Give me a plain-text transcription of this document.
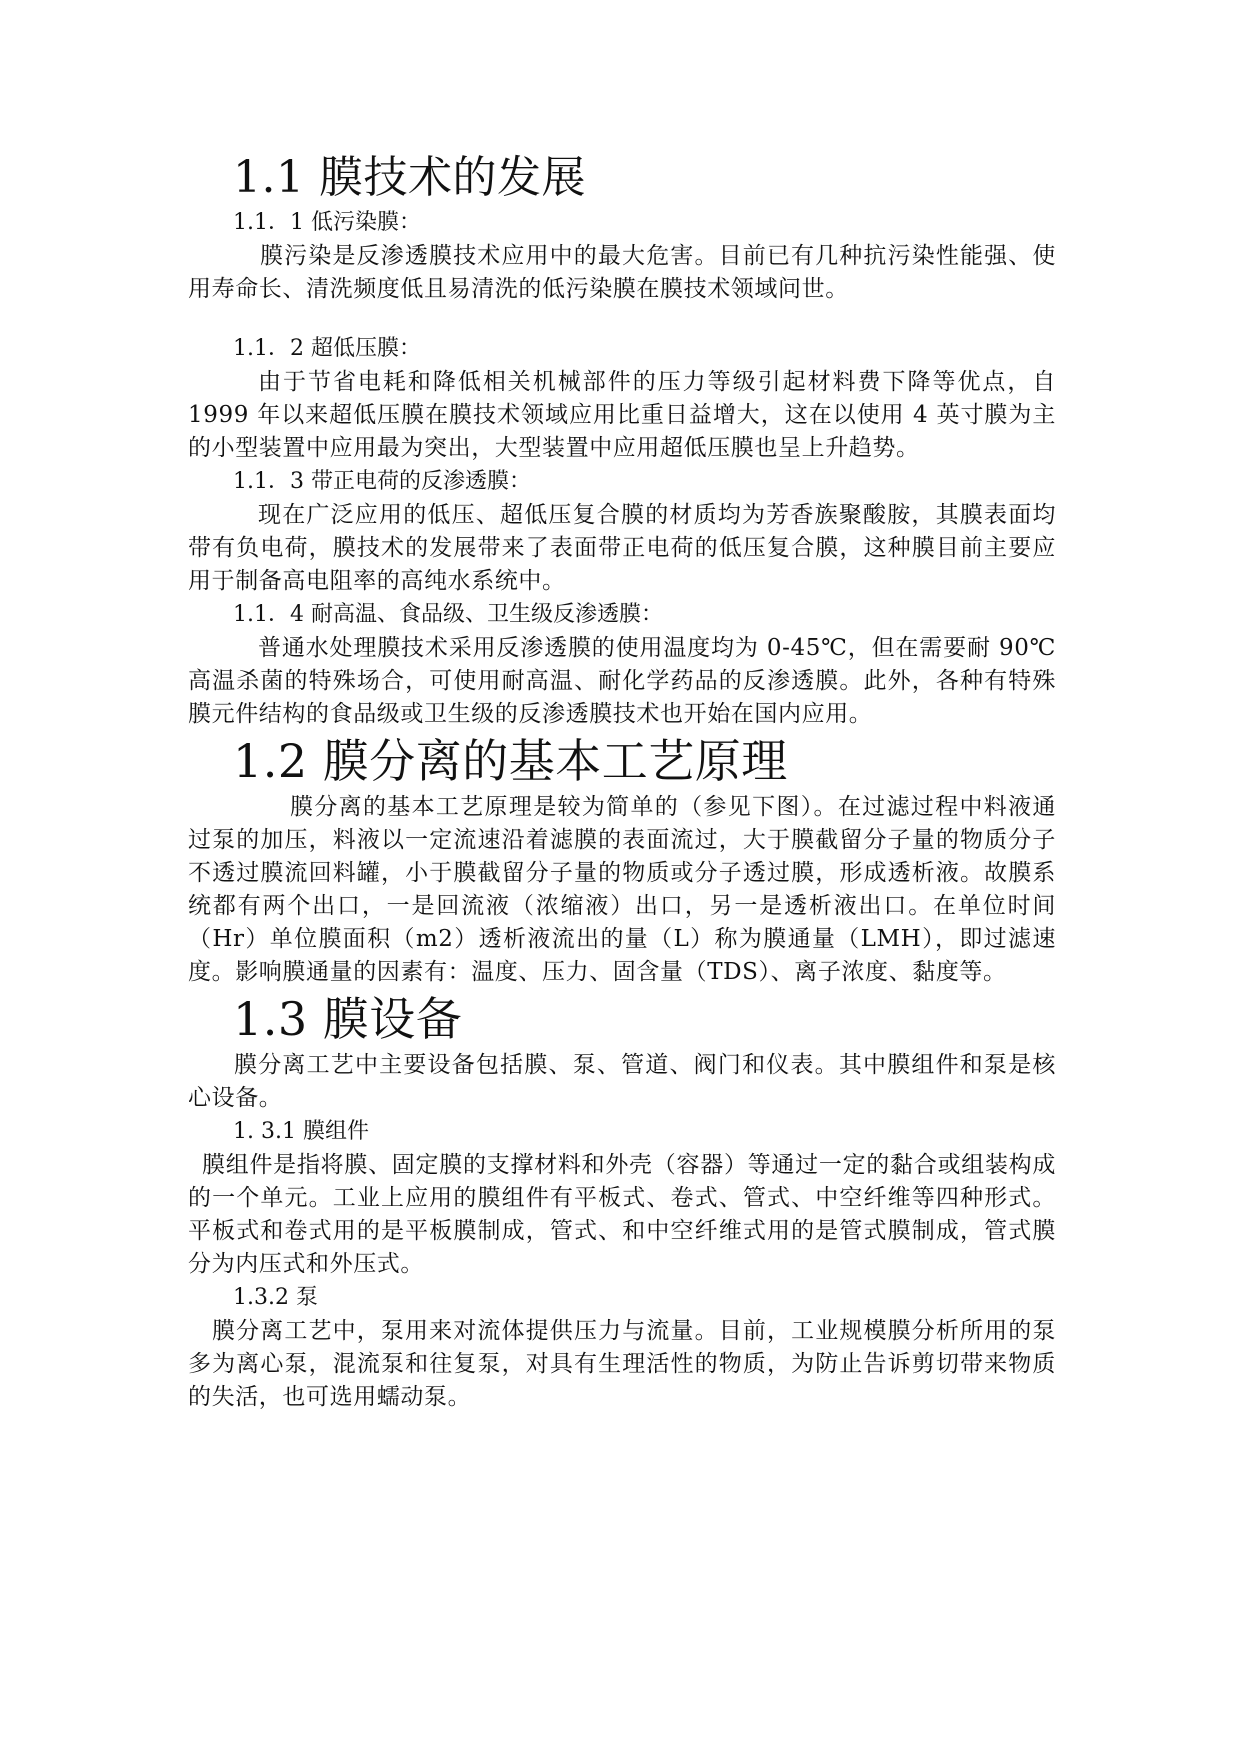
1.1 膜技术的发展
1.1．1 低污染膜：

膜污染是反渗透膜技术应用中的最大危害。目前已有几种抗污染性能强、使用寿命长、清洗频度低且易清洗的低污染膜在膜技术领域问世。

1.1．2 超低压膜：

由于节省电耗和降低相关机械部件的压力等级引起材料费下降等优点，自 1999 年以来超低压膜在膜技术领域应用比重日益增大，这在以使用 4 英寸膜为主的小型装置中应用最为突出，大型装置中应用超低压膜也呈上升趋势。

1.1．3 带正电荷的反渗透膜：

现在广泛应用的低压、超低压复合膜的材质均为芳香族聚酸胺，其膜表面均带有负电荷，膜技术的发展带来了表面带正电荷的低压复合膜，这种膜目前主要应用于制备高电阻率的高纯水系统中。

1.1．4 耐高温、食品级、卫生级反渗透膜：

普通水处理膜技术采用反渗透膜的使用温度均为 0-45℃，但在需要耐 90℃高温杀菌的特殊场合，可使用耐高温、耐化学药品的反渗透膜。此外，各种有特殊膜元件结构的食品级或卫生级的反渗透膜技术也开始在国内应用。

1.2 膜分离的基本工艺原理

膜分离的基本工艺原理是较为简单的（参见下图）。在过滤过程中料液通过泵的加压，料液以一定流速沿着滤膜的表面流过，大于膜截留分子量的物质分子不透过膜流回料罐，小于膜截留分子量的物质或分子透过膜，形成透析液。故膜系统都有两个出口，一是回流液（浓缩液）出口，另一是透析液出口。在单位时间（Hr）单位膜面积（m2）透析液流出的量（L）称为膜通量（LMH），即过滤速度。影响膜通量的因素有：温度、压力、固含量（TDS）、离子浓度、黏度等。

1.3 膜设备

膜分离工艺中主要设备包括膜、泵、管道、阀门和仪表。其中膜组件和泵是核心设备。

1. 3.1 膜组件

膜组件是指将膜、固定膜的支撑材料和外壳（容器）等通过一定的黏合或组装构成的一个单元。工业上应用的膜组件有平板式、卷式、管式、中空纤维等四种形式。平板式和卷式用的是平板膜制成，管式、和中空纤维式用的是管式膜制成，管式膜分为内压式和外压式。

1.3.2 泵

膜分离工艺中，泵用来对流体提供压力与流量。目前，工业规模膜分析所用的泵多为离心泵，混流泵和往复泵，对具有生理活性的物质，为防止告诉剪切带来物质的失活，也可选用蠕动泵。
